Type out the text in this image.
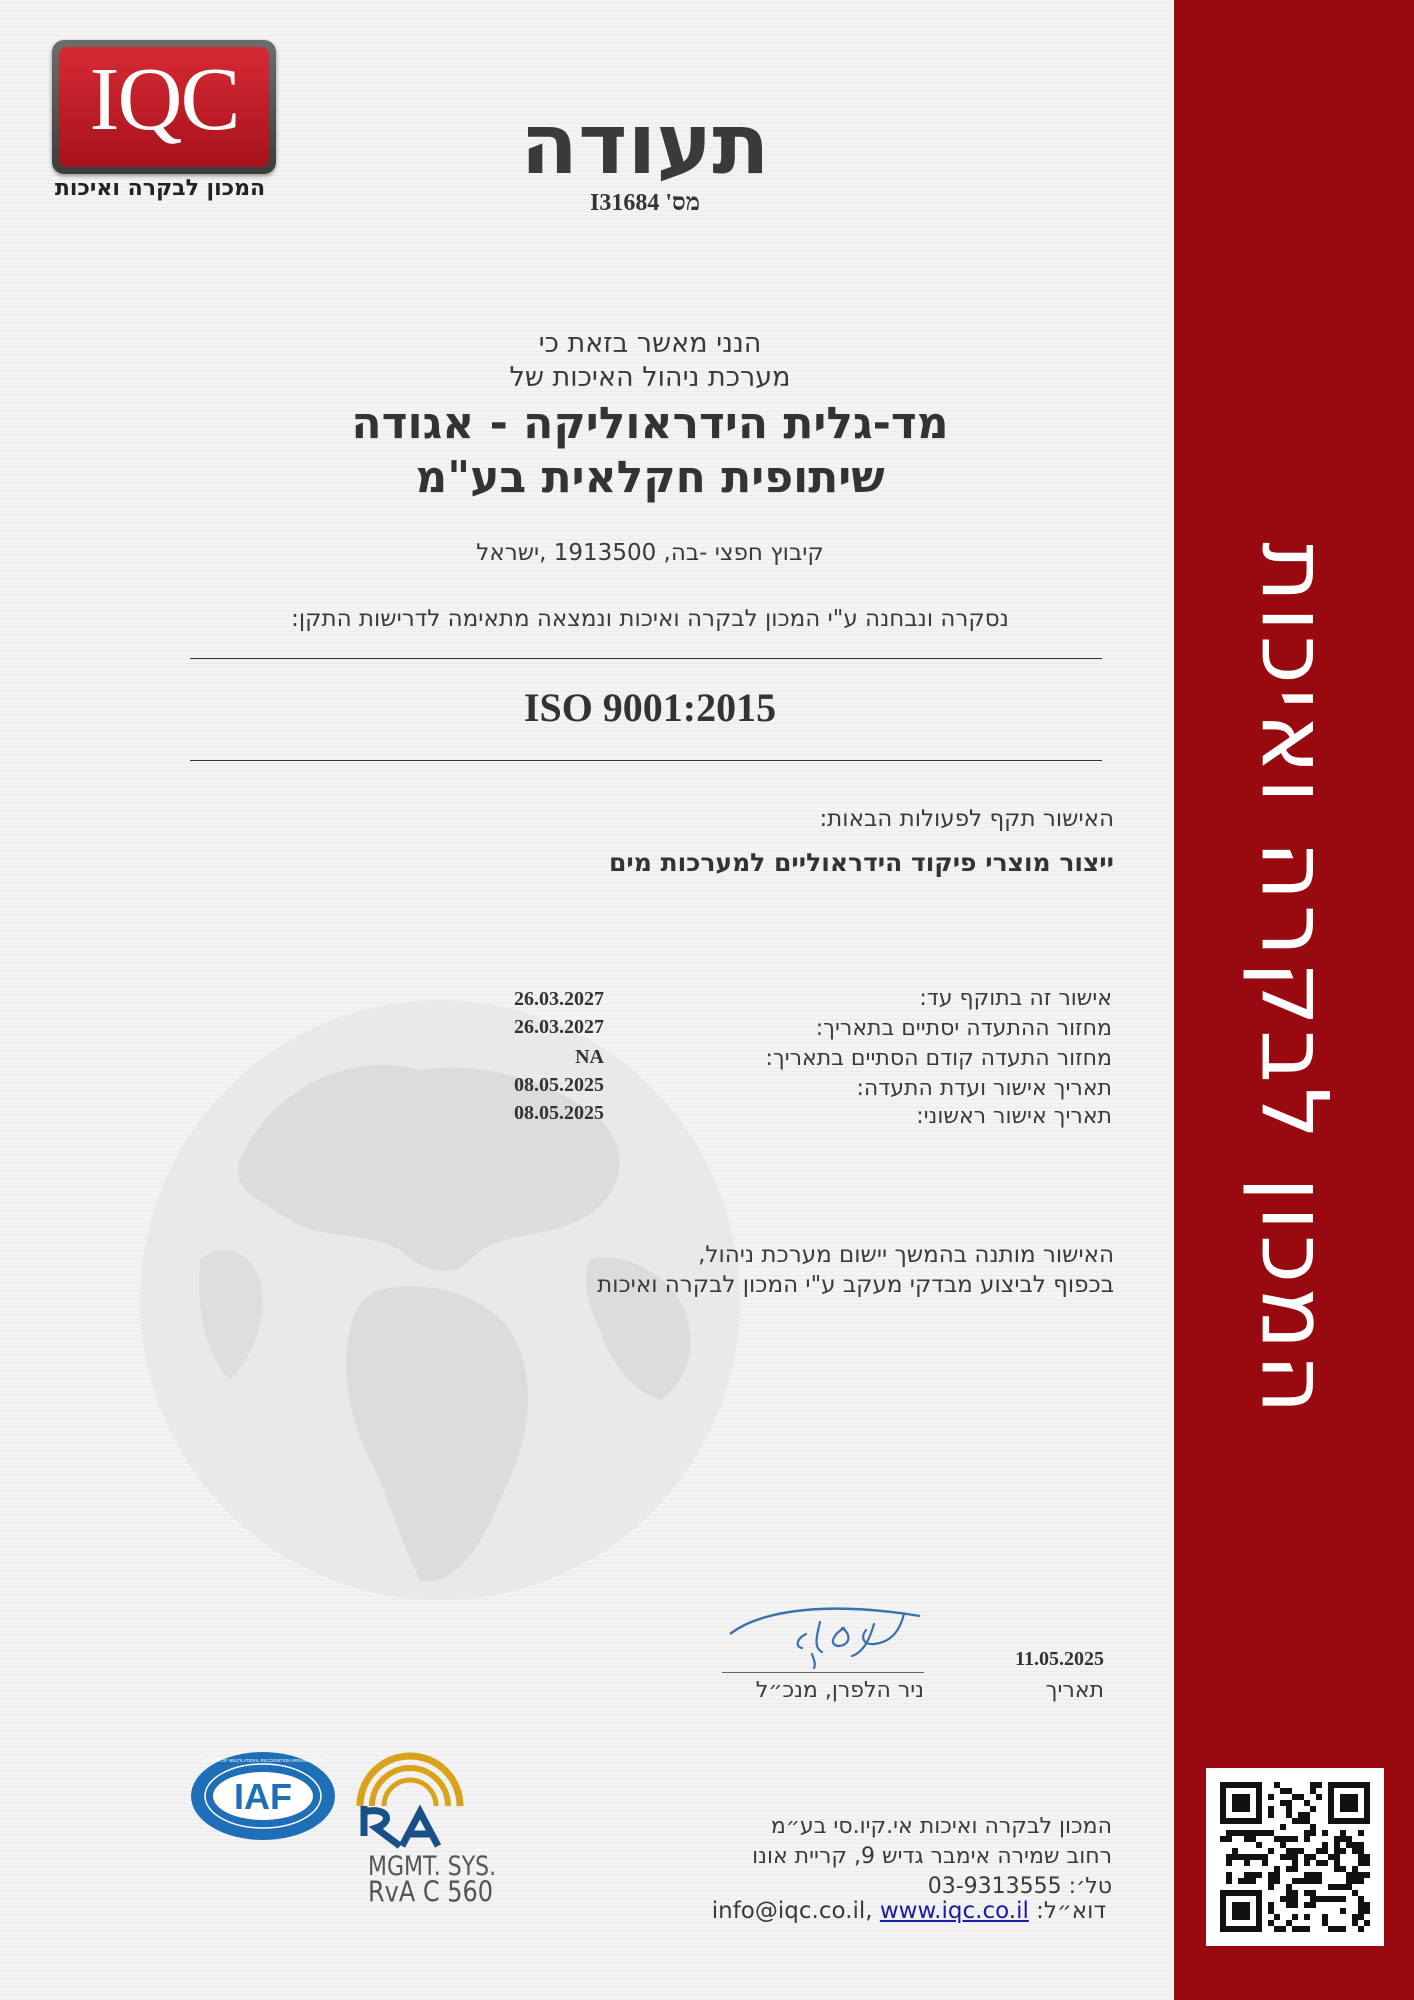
המכון לבקרה ואיכות
IQC
המכון לבקרה ואיכות	תעודה
מס' I31684
הנני מאשר בזאת כי
מערכת ניהול האיכות של
מד-גלית הידראוליקה - אגודה
שיתופית חקלאית בע"מ
קיבוץ חפצי -בה, 1913500 ,ישראל
נסקרה ונבחנה ע"י המכון לבקרה ואיכות ונמצאה מתאימה לדרישות התקן:
ISO 9001:2015
האישור תקף לפעולות הבאות:
ייצור מוצרי פיקוד הידראוליים למערכות מים
אישור זה בתוקף עד:
26.03.2027
מחזור ההתעדה יסתיים בתאריך:
26.03.2027
מחזור התעדה קודם הסתיים בתאריך:
NA
תאריך אישור ועדת התעדה:
08.05.2025
תאריך אישור ראשוני:
08.05.2025
האישור מותנה בהמשך יישום מערכת ניהול,
בכפוף לביצוע מבדקי מעקב ע"י המכון לבקרה ואיכות
ניר הלפרן, מנכ״ל
11.05.2025
תאריך
IAF
MEMBER OF MULTILATERAL RECOGNITION ARRANGEMENT
MGMT. SYS.
RvA C 560
המכון לבקרה ואיכות אי.קיו.סי בע״מ
רחוב שמירה אימבר גדיש 9, קריית אונו
טל׳: 03-9313555
דוא״ל: info@iqc.co.il, www.iqc.co.il
